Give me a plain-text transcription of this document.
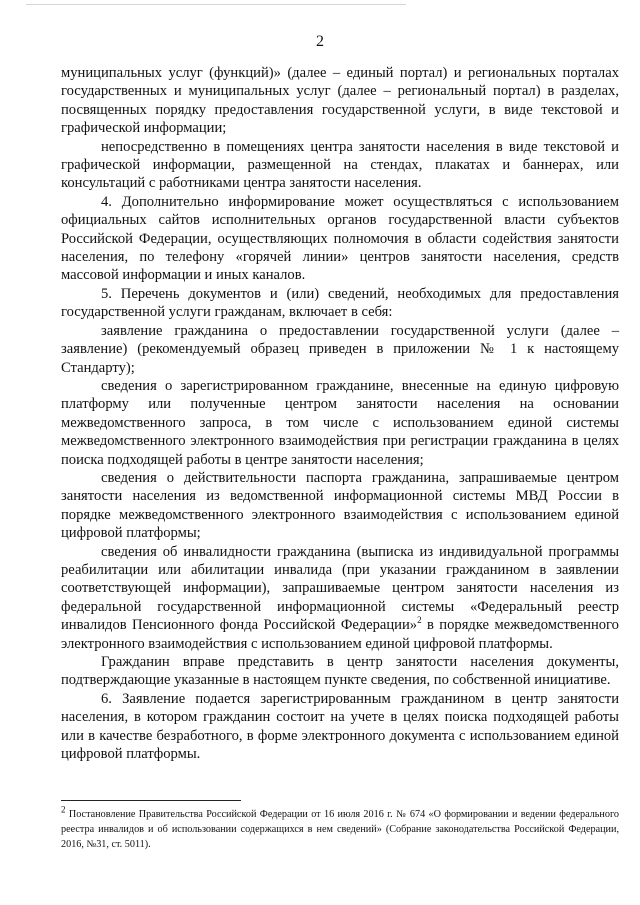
2

муниципальных услуг (функций)» (далее – единый портал) и региональных порталах государственных и муниципальных услуг (далее – региональный портал) в разделах, посвященных порядку предоставления государственной услуги, в виде текстовой и графической информации;

непосредственно в помещениях центра занятости населения в виде текстовой и графической информации, размещенной на стендах, плакатах и баннерах, или консультаций с работниками центра занятости населения.

4. Дополнительно информирование может осуществляться с использованием официальных сайтов исполнительных органов государственной власти субъектов Российской Федерации, осуществляющих полномочия в области содействия занятости населения, по телефону «горячей линии» центров занятости населения, средств массовой информации и иных каналов.

5. Перечень документов и (или) сведений, необходимых для предоставления государственной услуги гражданам, включает в себя:

заявление гражданина о предоставлении государственной услуги (далее – заявление) (рекомендуемый образец приведен в приложении № 1 к настоящему Стандарту);

сведения о зарегистрированном гражданине, внесенные на единую цифровую платформу или полученные центром занятости населения на основании межведомственного запроса, в том числе с использованием единой системы межведомственного электронного взаимодействия при регистрации гражданина в целях поиска подходящей работы в центре занятости населения;

сведения о действительности паспорта гражданина, запрашиваемые центром занятости населения из ведомственной информационной системы МВД России в порядке межведомственного электронного взаимодействия с использованием единой цифровой платформы;

сведения об инвалидности гражданина (выписка из индивидуальной программы реабилитации или абилитации инвалида (при указании гражданином в заявлении соответствующей информации), запрашиваемые центром занятости населения из федеральной государственной информационной системы «Федеральный реестр инвалидов Пенсионного фонда Российской Федерации»$^2$ в порядке межведомственного электронного взаимодействия с использованием единой цифровой платформы.

Гражданин вправе представить в центр занятости населения документы, подтверждающие указанные в настоящем пункте сведения, по собственной инициативе.

6. Заявление подается зарегистрированным гражданином в центр занятости населения, в котором гражданин состоит на учете в целях поиска подходящей работы или в качестве безработного, в форме электронного документа с использованием единой цифровой платформы.

$^2$ Постановление Правительства Российской Федерации от 16 июля 2016 г. № 674 «О формировании и ведении федерального реестра инвалидов и об использовании содержащихся в нем сведений» (Собрание законодательства Российской Федерации, 2016, №31, ст. 5011).
